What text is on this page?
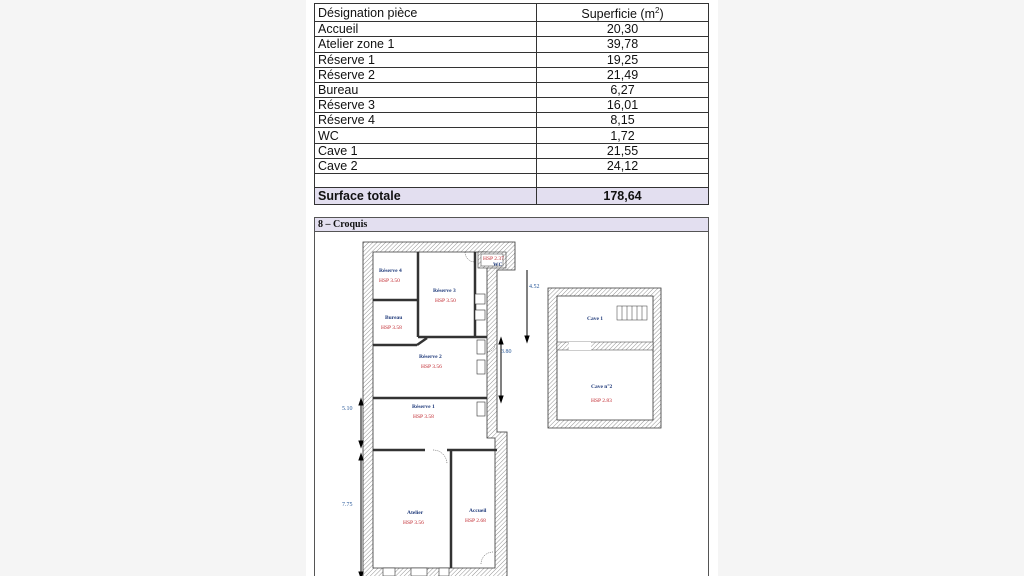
Désignation pièce	Superficie $(m^2)$
Accueil	20,30
Atelier zone 1	39,78
Réserve 1	19,25
Réserve 2	21,49
Bureau	6,27
Réserve 3	16,01
Réserve 4	8,15
WC	1,72
Cave 1	21,55
Cave 2	24,12

Surface totale	178,64
8 – Croquis
Réserve 4
HSP 3.50
Réserve 3
HSP 3.50
WC
HSP 2.37
Bureau
HSP 3.58
Réserve 2
HSP 3.56
Réserve 1
HSP 3.58
Atelier
HSP 3.56
Accueil
HSP 2.68
4.52
3.80
5.10
7.75
Cave 1
Cave n°2
HSP 2.83
